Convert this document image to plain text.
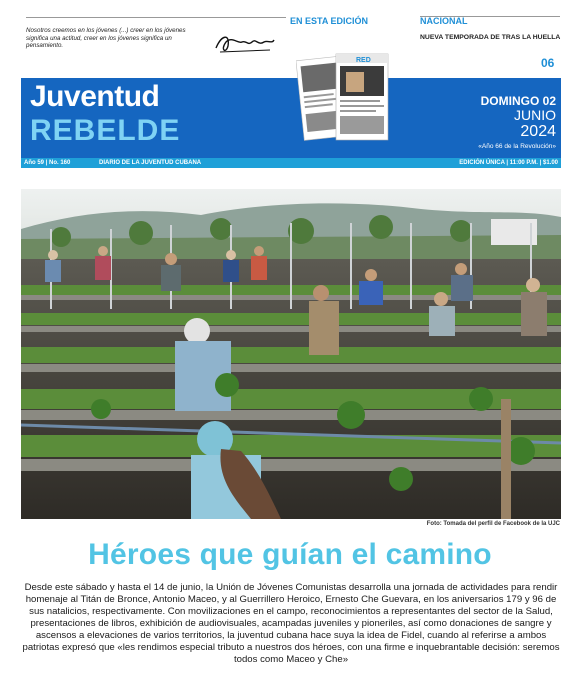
Nosotros creemos en los jóvenes (...) creer en los jóvenes significa una actitud, creer en los jóvenes significa un pensamiento.

EN ESTA EDICIÓN	NACIONAL
NUEVA TEMPORADA DE TRAS LA HUELLA
06
RED
Juventud
REBELDE
DOMINGO 02
JUNIO
2024
«Año 66 de la Revolución»
Año 59 | No. 160	DIARIO DE LA JUVENTUD CUBANA	EDICIÓN ÚNICA | 11:00 P.M. | $1.00
Foto: Tomada del perfil de Facebook de la UJC
Héroes que guían el camino

Desde este sábado y hasta el 14 de junio, la Unión de Jóvenes Comunistas desarrolla una jornada de actividades para rendir homenaje al Titán de Bronce, Antonio Maceo, y al Guerrillero Heroico, Ernesto Che Guevara, en los aniversarios 179 y 96 de sus natalicios, respectivamente. Con movilizaciones en el campo, reconocimientos a representantes del sector de la Salud, presentaciones de libros, exhibición de audiovisuales, acampadas juveniles y pioneriles, así como donaciones de sangre y ascensos a elevaciones de varios territorios, la juventud cubana hace suya la idea de Fidel, cuando al referirse a ambos patriotas expresó que «les rendimos especial tributo a nuestros dos héroes, con una firme e inquebrantable decisión: seremos todos como Maceo y Che»
